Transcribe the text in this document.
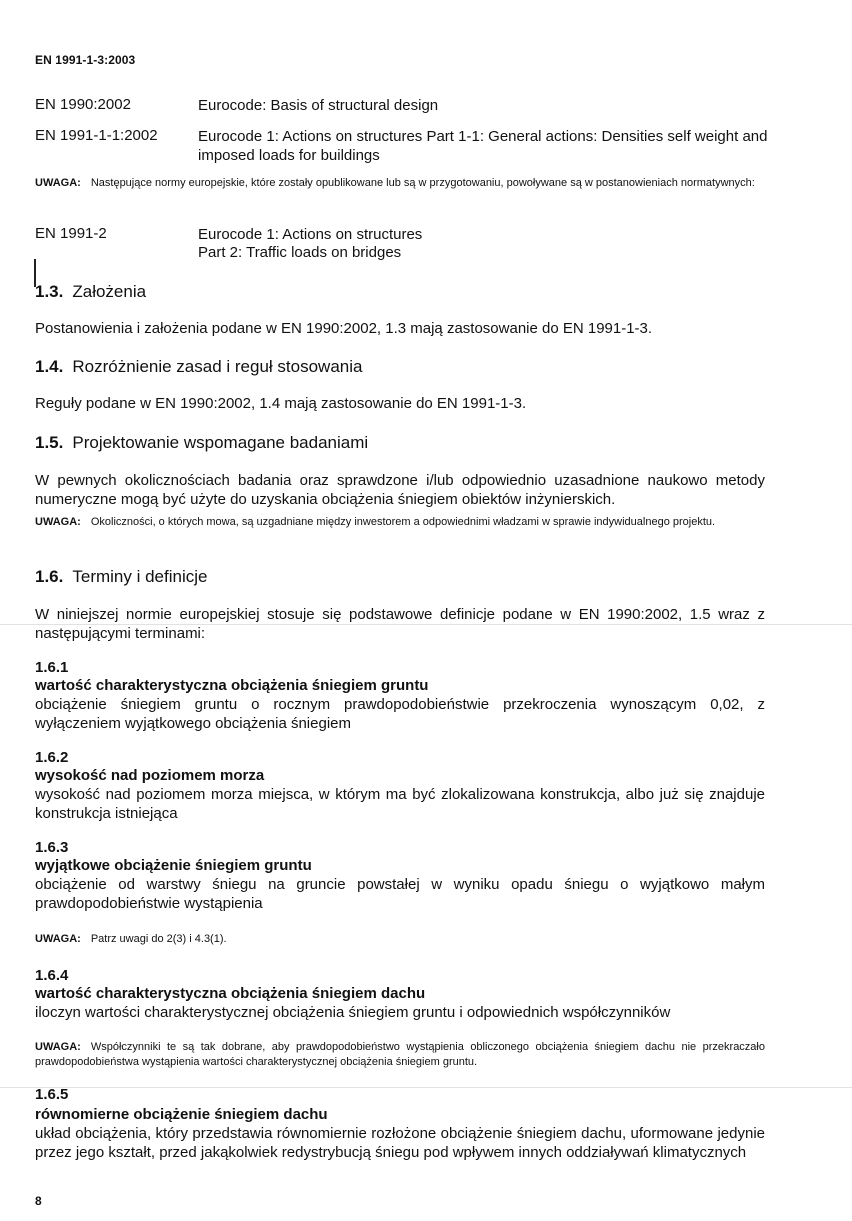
EN 1991-1-3:2003
EN 1990:2002	Eurocode: Basis of structural design
EN 1991-1-1:2002	Eurocode 1: Actions on structures Part 1-1: General actions: Densities self weight and imposed loads for buildings
UWAGA: Następujące normy europejskie, które zostały opublikowane lub są w przygotowaniu, powoływane są w postanowieniach normatywnych:
EN 1991-2	Eurocode 1: Actions on structures
Part 2: Traffic loads on bridges
1.3. Założenia
Postanowienia i założenia podane w EN 1990:2002, 1.3 mają zastosowanie do EN 1991-1-3.
1.4. Rozróżnienie zasad i reguł stosowania
Reguły podane w EN 1990:2002, 1.4 mają zastosowanie do EN 1991-1-3.
1.5. Projektowanie wspomagane badaniami
W pewnych okolicznościach badania oraz sprawdzone i/lub odpowiednio uzasadnione naukowo metody numeryczne mogą być użyte do uzyskania obciążenia śniegiem obiektów inżynierskich.
UWAGA: Okoliczności, o których mowa, są uzgadniane między inwestorem a odpowiednimi władzami w sprawie indywidualnego projektu.
1.6. Terminy i definicje
W niniejszej normie europejskiej stosuje się podstawowe definicje podane w EN 1990:2002, 1.5 wraz z następującymi terminami:
1.6.1
wartość charakterystyczna obciążenia śniegiem gruntu
obciążenie śniegiem gruntu o rocznym prawdopodobieństwie przekroczenia wynoszącym 0,02, z wyłączeniem wyjątkowego obciążenia śniegiem
1.6.2
wysokość nad poziomem morza
wysokość nad poziomem morza miejsca, w którym ma być zlokalizowana konstrukcja, albo już się znajduje konstrukcja istniejąca
1.6.3
wyjątkowe obciążenie śniegiem gruntu
obciążenie od warstwy śniegu na gruncie powstałej w wyniku opadu śniegu o wyjątkowo małym prawdopodobieństwie wystąpienia
UWAGA: Patrz uwagi do 2(3) i 4.3(1).
1.6.4
wartość charakterystyczna obciążenia śniegiem dachu
iloczyn wartości charakterystycznej obciążenia śniegiem gruntu i odpowiednich współczynników
UWAGA: Współczynniki te są tak dobrane, aby prawdopodobieństwo wystąpienia obliczonego obciążenia śniegiem dachu nie przekraczało prawdopodobieństwa wystąpienia wartości charakterystycznej obciążenia śniegiem gruntu.
1.6.5
równomierne obciążenie śniegiem dachu
układ obciążenia, który przedstawia równomiernie rozłożone obciążenie śniegiem dachu, uformowane jedynie przez jego kształt, przed jakąkolwiek redystrybucją śniegu pod wpływem innych oddziaływań klimatycznych
8
